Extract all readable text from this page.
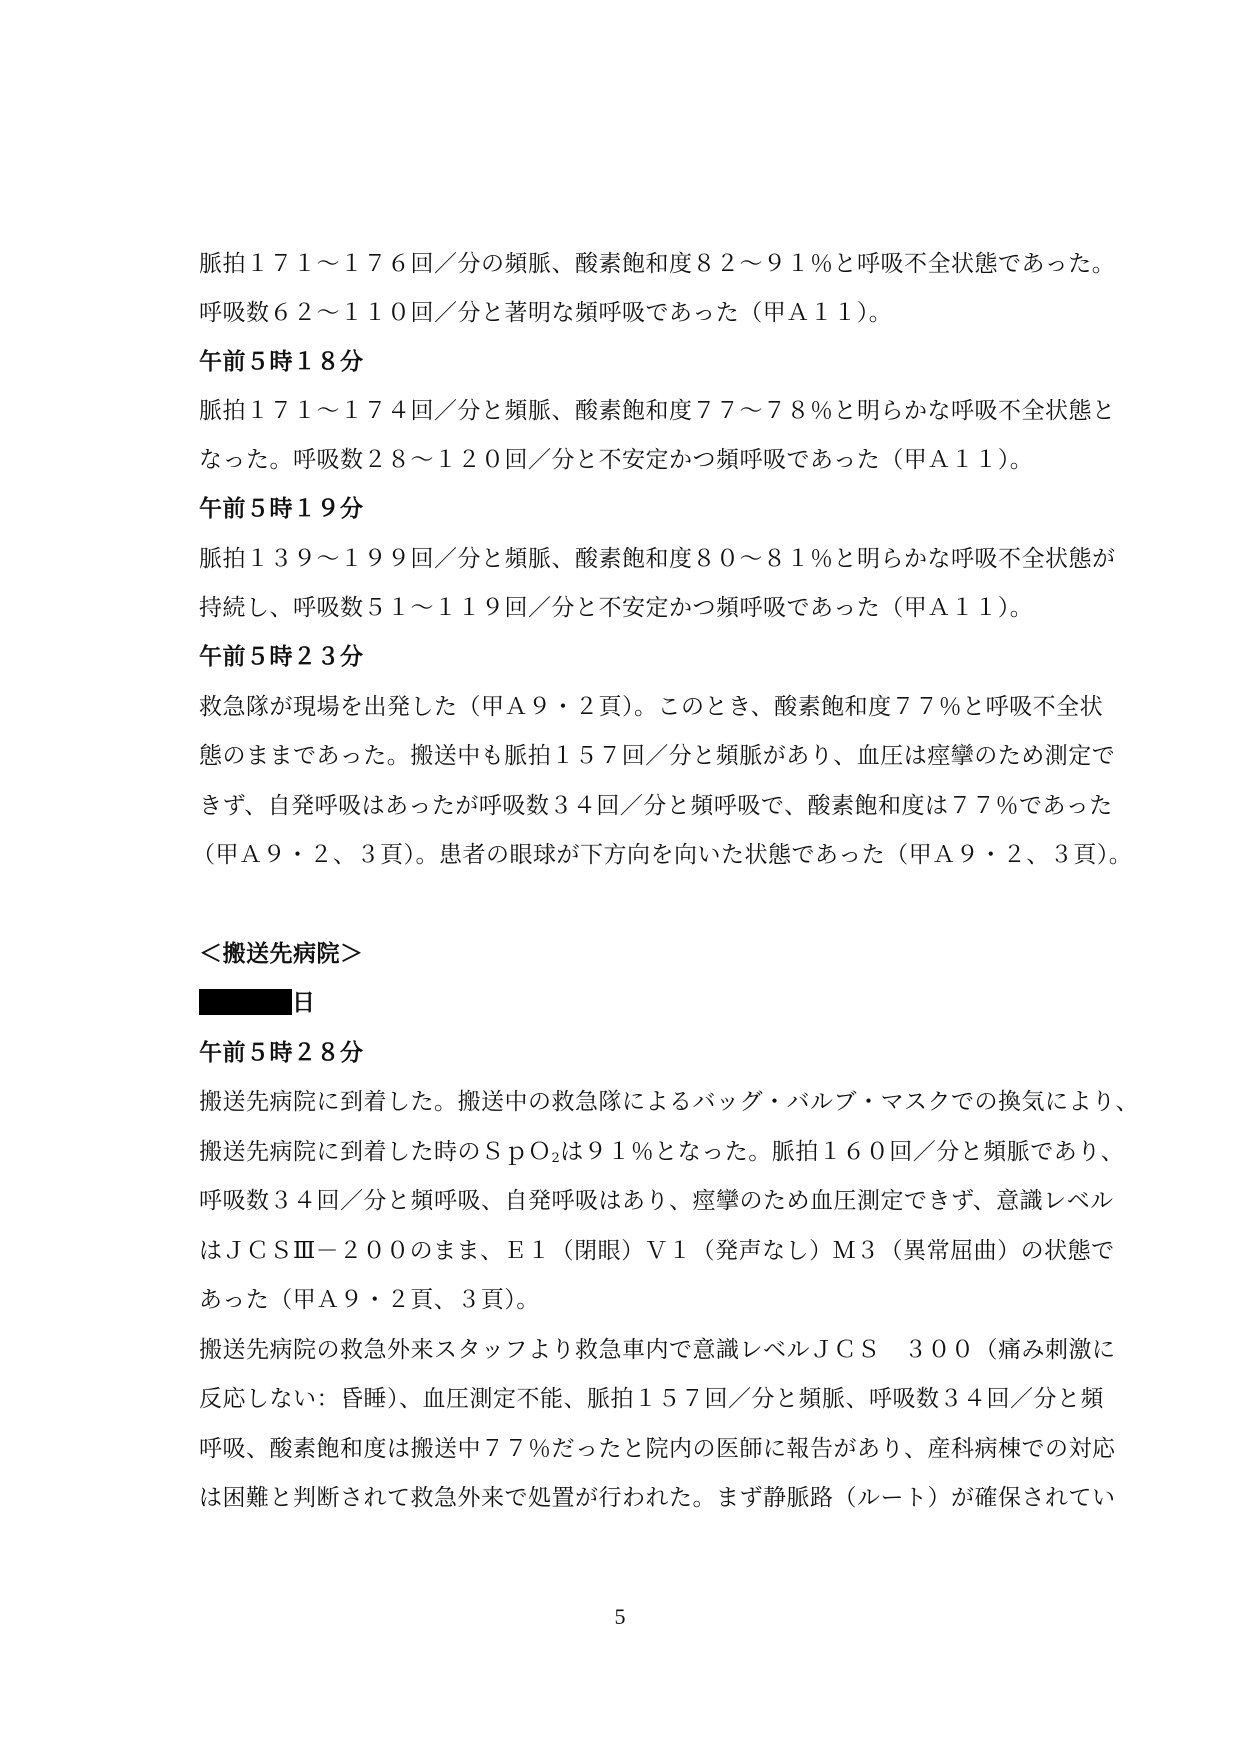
脈拍１７１～１７６回／分の頻脈、酸素飽和度８２～９１％と呼吸不全状態であった。
呼吸数６２～１１０回／分と著明な頻呼吸であった（甲Ａ１１）。
午前５時１８分
脈拍１７１～１７４回／分と頻脈、酸素飽和度７７～７８％と明らかな呼吸不全状態と
なった。呼吸数２８～１２０回／分と不安定かつ頻呼吸であった（甲Ａ１１）。
午前５時１９分
脈拍１３９～１９９回／分と頻脈、酸素飽和度８０～８１％と明らかな呼吸不全状態が
持続し、呼吸数５１～１１９回／分と不安定かつ頻呼吸であった（甲Ａ１１）。
午前５時２３分
救急隊が現場を出発した（甲Ａ９・２頁）。このとき、酸素飽和度７７％と呼吸不全状
態のままであった。搬送中も脈拍１５７回／分と頻脈があり、血圧は痙攣のため測定で
きず、自発呼吸はあったが呼吸数３４回／分と頻呼吸で、酸素飽和度は７７％であった
（甲Ａ９・２、３頁）。患者の眼球が下方向を向いた状態であった（甲Ａ９・２、３頁）。
＜搬送先病院＞
日
午前５時２８分
搬送先病院に到着した。搬送中の救急隊によるバッグ・バルブ・マスクでの換気により、
搬送先病院に到着した時のＳｐＯ$_2$は９１％となった。脈拍１６０回／分と頻脈であり、
呼吸数３４回／分と頻呼吸、自発呼吸はあり、痙攣のため血圧測定できず、意識レベル
はＪＣＳⅢ－２００のまま、Ｅ１（閉眼）Ｖ１（発声なし）Ｍ３（異常屈曲）の状態で
あった（甲Ａ９・２頁、３頁）。
搬送先病院の救急外来スタッフより救急車内で意識レベルＪＣＳ　３００（痛み刺激に
反応しない：昏睡）、血圧測定不能、脈拍１５７回／分と頻脈、呼吸数３４回／分と頻
呼吸、酸素飽和度は搬送中７７％だったと院内の医師に報告があり、産科病棟での対応
は困難と判断されて救急外来で処置が行われた。まず静脈路（ルート）が確保されてい
5
